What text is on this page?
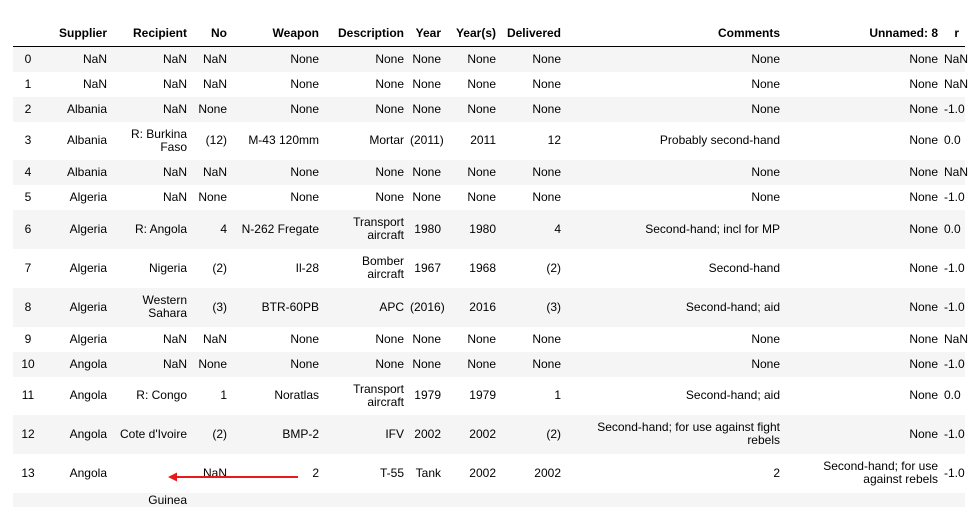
	Supplier	Recipient	No	Weapon	Description	Year	Year(s)	Delivered	Comments	Unnamed: 8	r
0	NaN	NaN	NaN	None	None	None	None	None	None	None	NaN
1	NaN	NaN	NaN	None	None	None	None	None	None	None	NaN
2	Albania	NaN	None	None	None	None	None	None	None	None	-1.0
3	Albania	R: Burkina Faso	(12)	M-43 120mm	Mortar	(2011)	2011	12	Probably second-hand	None	0.0
4	Albania	NaN	NaN	None	None	None	None	None	None	None	NaN
5	Algeria	NaN	None	None	None	None	None	None	None	None	-1.0
6	Algeria	R: Angola	4	N-262 Fregate	Transport aircraft	1980	1980	4	Second-hand; incl for MP	None	0.0
7	Algeria	Nigeria	(2)	Il-28	Bomber aircraft	1967	1968	(2)	Second-hand	None	-1.0
8	Algeria	Western Sahara	(3)	BTR-60PB	APC	(2016)	2016	(3)	Second-hand; aid	None	-1.0
9	Algeria	NaN	NaN	None	None	None	None	None	None	None	NaN
10	Angola	NaN	None	None	None	None	None	None	None	None	-1.0
11	Angola	R: Congo	1	Noratlas	Transport aircraft	1979	1979	1	Second-hand; aid	None	0.0
12	Angola	Cote d'Ivoire	(2)	BMP-2	IFV	2002	2002	(2)	Second-hand; for use against fight rebels	None	-1.0
13	Angola		NaN	2	T-55	Tank	2002	2002	2	Second-hand; for use against rebels	-1.0
		Guinea									
